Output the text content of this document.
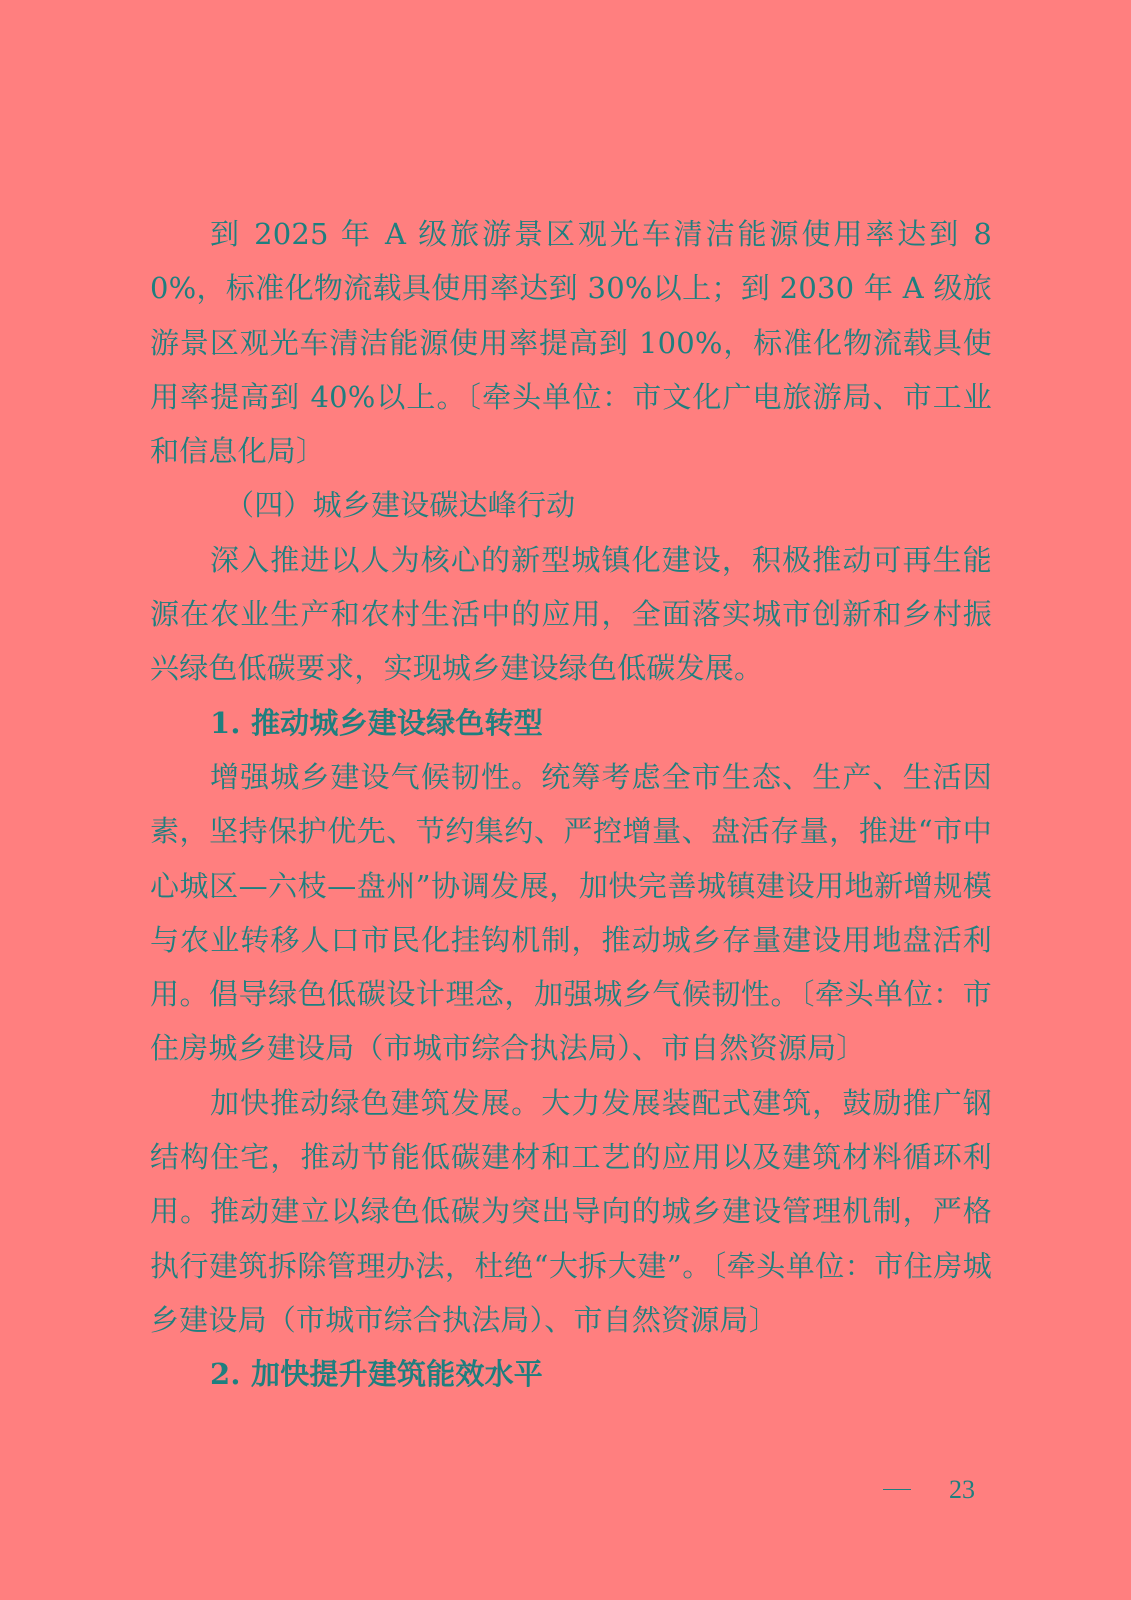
到 2025 年 A 级旅游景区观光车清洁能源使用率达到 80%，标准化物流载具使用率达到 30%以上；到 2030 年 A 级旅游景区观光车清洁能源使用率提高到 100%，标准化物流载具使用率提高到 40%以上。〔牵头单位：市文化广电旅游局、市工业和信息化局〕

（四）城乡建设碳达峰行动

深入推进以人为核心的新型城镇化建设，积极推动可再生能源在农业生产和农村生活中的应用，全面落实城市创新和乡村振兴绿色低碳要求，实现城乡建设绿色低碳发展。

1. 推动城乡建设绿色转型

增强城乡建设气候韧性。统筹考虑全市生态、生产、生活因素，坚持保护优先、节约集约、严控增量、盘活存量，推进“市中心城区—六枝—盘州”协调发展，加快完善城镇建设用地新增规模与农业转移人口市民化挂钩机制，推动城乡存量建设用地盘活利用。倡导绿色低碳设计理念，加强城乡气候韧性。〔牵头单位：市住房城乡建设局（市城市综合执法局）、市自然资源局〕

加快推动绿色建筑发展。大力发展装配式建筑，鼓励推广钢结构住宅，推动节能低碳建材和工艺的应用以及建筑材料循环利用。推动建立以绿色低碳为突出导向的城乡建设管理机制，严格执行建筑拆除管理办法，杜绝“大拆大建”。〔牵头单位：市住房城乡建设局（市城市综合执法局）、市自然资源局〕

2. 加快提升建筑能效水平

23
